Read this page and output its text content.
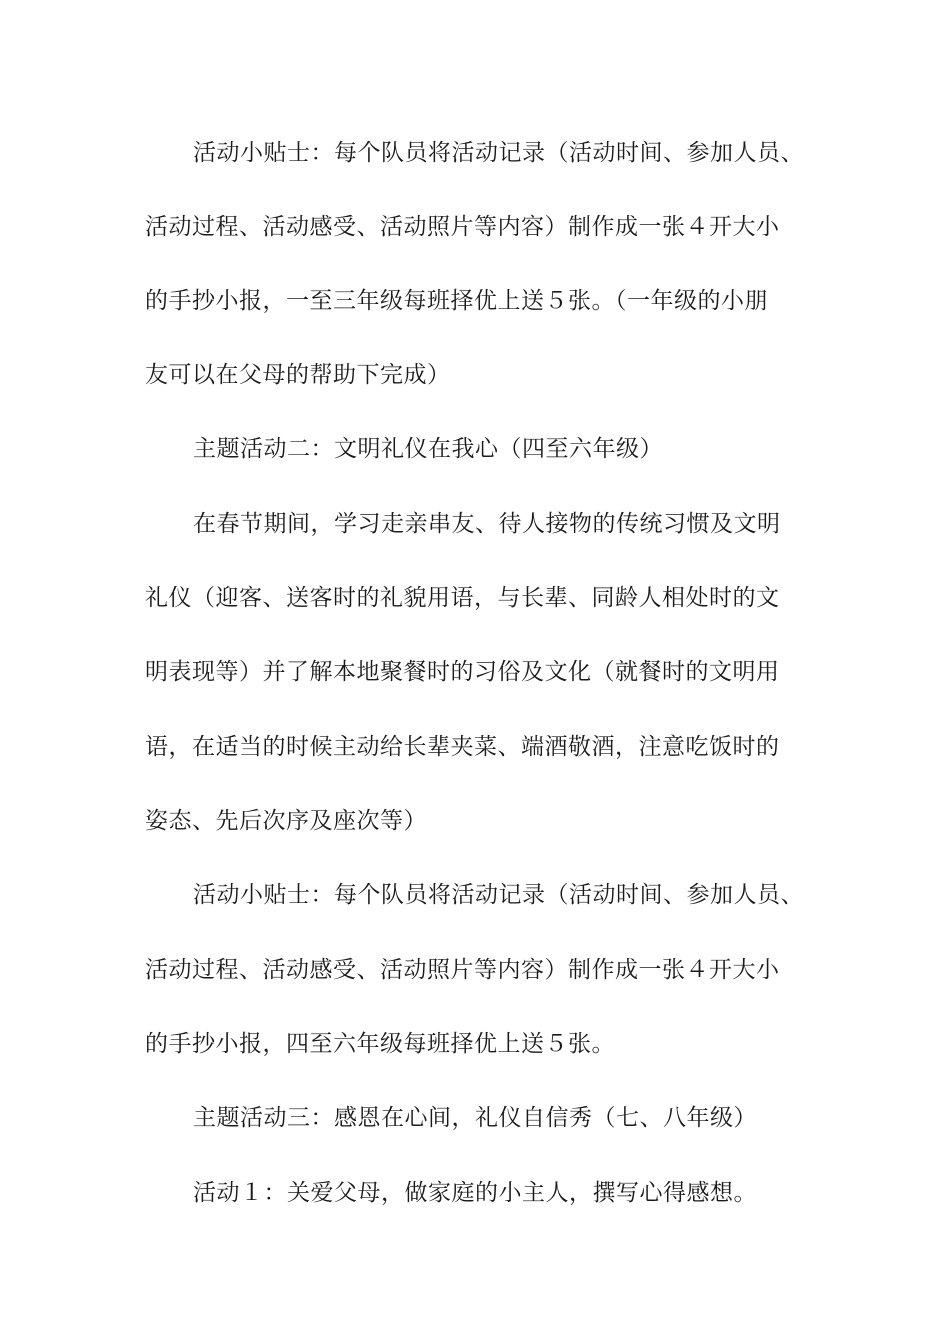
活动小贴士：每个队员将活动记录（活动时间、参加人员、
活动过程、活动感受、活动照片等内容）制作成一张４开大小
的手抄小报，一至三年级每班择优上送５张。（一年级的小朋
友可以在父母的帮助下完成）
主题活动二：文明礼仪在我心（四至六年级）
在春节期间，学习走亲串友、待人接物的传统习惯及文明
礼仪（迎客、送客时的礼貌用语，与长辈、同龄人相处时的文
明表现等）并了解本地聚餐时的习俗及文化（就餐时的文明用
语，在适当的时候主动给长辈夹菜、端酒敬酒，注意吃饭时的
姿态、先后次序及座次等）
活动小贴士：每个队员将活动记录（活动时间、参加人员、
活动过程、活动感受、活动照片等内容）制作成一张４开大小
的手抄小报，四至六年级每班择优上送５张。
主题活动三：感恩在心间，礼仪自信秀（七、八年级）
活动１：关爱父母，做家庭的小主人，撰写心得感想。
